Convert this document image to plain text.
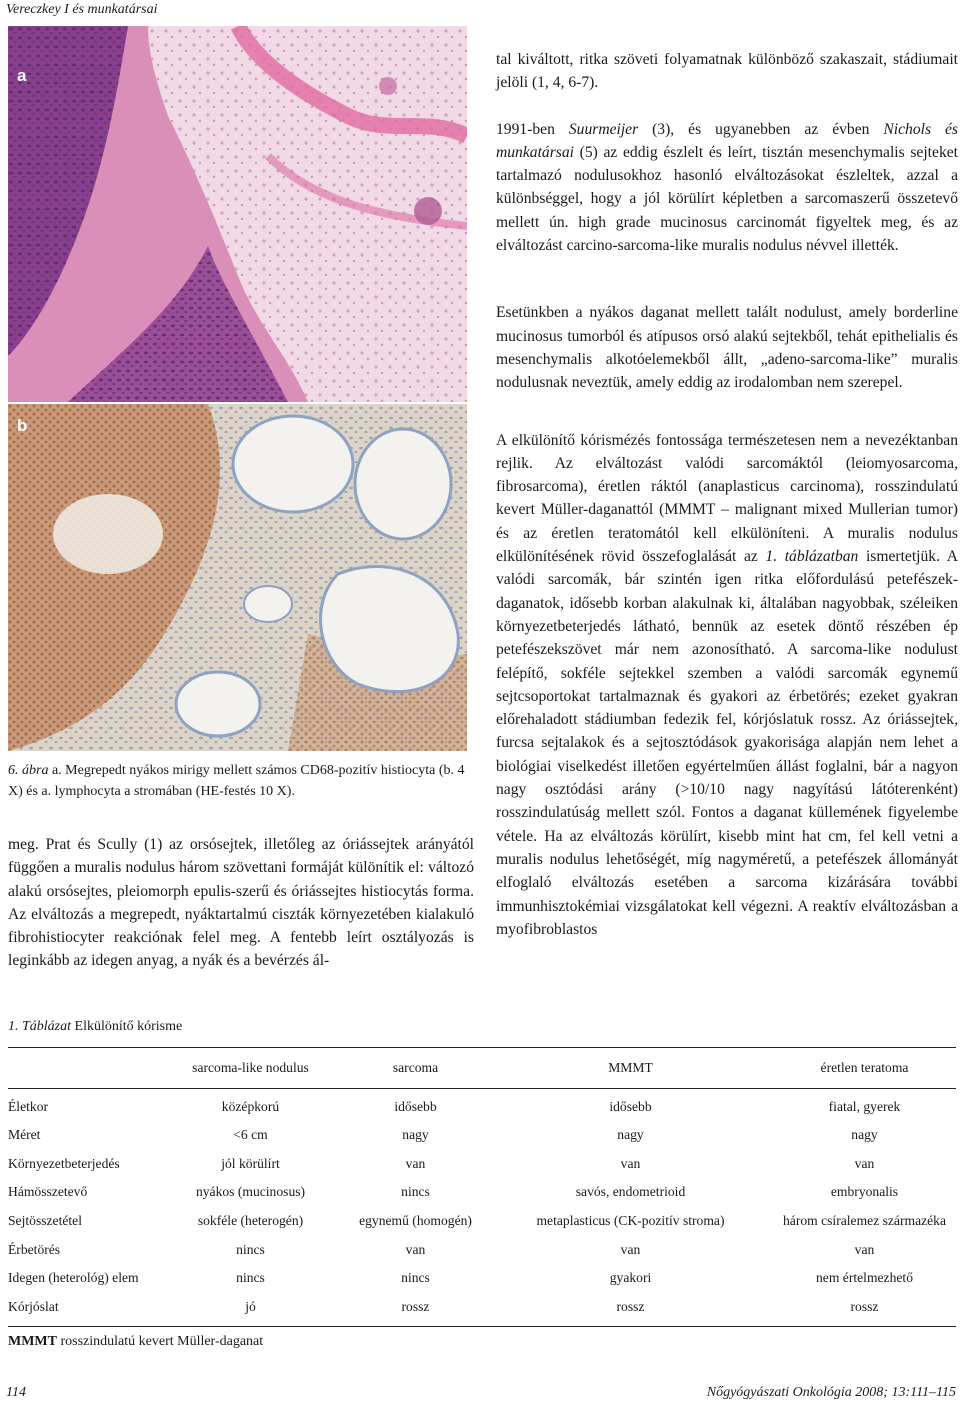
Vereczkey I és munkatársai
a
b
6. ábra a. Megrepedt nyákos mirigy mellett számos CD68-pozitív histiocyta (b. 4 X) és a. lymphocyta a stromában (HE-festés 10 X).

meg. Prat és Scully (1) az orsósejtek, illetőleg az óriássejtek arányától függően a muralis nodulus három szövettani formáját különítik el: változó alakú orsósejtes, pleiomorph epulis-szerű és óriássejtes histiocytás forma. Az elváltozás a megrepedt, nyáktartalmú ciszták környezetében kialakuló fibrohistiocyter reakciónak felel meg. A fentebb leírt osztályozás is leginkább az idegen anyag, a nyák és a bevérzés ál-

tal kiváltott, ritka szöveti folyamatnak különböző szakaszait, stádiumait jelöli (1, 4, 6-7).

1991-ben Suurmeijer (3), és ugyanebben az évben Nichols és munkatársai (5) az eddig észlelt és leírt, tisztán mesenchymalis sejteket tartalmazó nodulusokhoz hasonló elváltozásokat észleltek, azzal a különbséggel, hogy a jól körülírt képletben a sarcomaszerű összetevő mellett ún. high grade mucinosus carcinomát figyeltek meg, és az elváltozást carcino-sarcoma-like muralis nodulus névvel illették.

Esetünkben a nyákos daganat mellett talált nodulust, amely borderline mucinosus tumorból és atípusos orsó alakú sejtekből, tehát epithelialis és mesenchymalis alkotóelemekből állt, „adeno-sarcoma-like” muralis nodulusnak neveztük, amely eddig az irodalomban nem szerepel.

A elkülönítő kórismézés fontossága természetesen nem a nevezéktanban rejlik. Az elváltozást valódi sarcomáktól (leiomyosarcoma, fibrosarcoma), éretlen ráktól (anaplasticus carcinoma), rosszindulatú kevert Müller-daganattól (MMMT – malignant mixed Mullerian tumor) és az éretlen teratomától kell elkülöníteni. A muralis nodulus elkülönítésének rövid összefoglalását az 1. táblázatban ismertetjük. A valódi sarcomák, bár szintén igen ritka előfordulású petefészek-daganatok, idősebb korban alakulnak ki, általában nagyobbak, széleiken környezetbeterjedés látható, bennük az esetek döntő részében ép petefészekszövet már nem azonosítható. A sarcoma-like nodulust felépítő, sokféle sejtekkel szemben a valódi sarcomák egynemű sejtcsoportokat tartalmaznak és gyakori az érbetörés; ezeket gyakran előrehaladott stádiumban fedezik fel, kórjóslatuk rossz. Az óriássejtek, furcsa sejtalakok és a sejtosztódások gyakorisága alapján nem lehet a biológiai viselkedést illetően egyértelműen állást foglalni, bár a nagyon nagy osztódási arány (>10/10 nagy nagyítású látóterenként) rosszindulatúság mellett szól. Fontos a daganat küllemének figyelembe vétele. Ha az elváltozás körülírt, kisebb mint hat cm, fel kell vetni a muralis nodulus lehetőségét, míg nagyméretű, a petefészek állományát elfoglaló elváltozás esetében a sarcoma kizárására további immunhisztokémiai vizsgálatokat kell végezni. A reaktív elváltozásban a myofibroblastos

1. Táblázat Elkülönítő kórisme
	sarcoma-like nodulus	sarcoma	MMMT	éretlen teratoma
Életkor	középkorú	idősebb	idősebb	fiatal, gyerek
Méret	<6 cm	nagy	nagy	nagy
Környezetbeterjedés	jól körülírt	van	van	van
Hámösszetevő	nyákos (mucinosus)	nincs	savós, endometrioid	embryonalis
Sejtösszetétel	sokféle (heterogén)	egynemű (homogén)	metaplasticus (CK-pozitív stroma)	három csíralemez származéka
Érbetörés	nincs	van	van	van
Idegen (heterológ) elem	nincs	nincs	gyakori	nem értelmezhető
Kórjóslat	jó	rossz	rossz	rossz
MMMT rosszindulatú kevert Müller-daganat
114	Nőgyógyászati Onkológia 2008; 13:111–115
